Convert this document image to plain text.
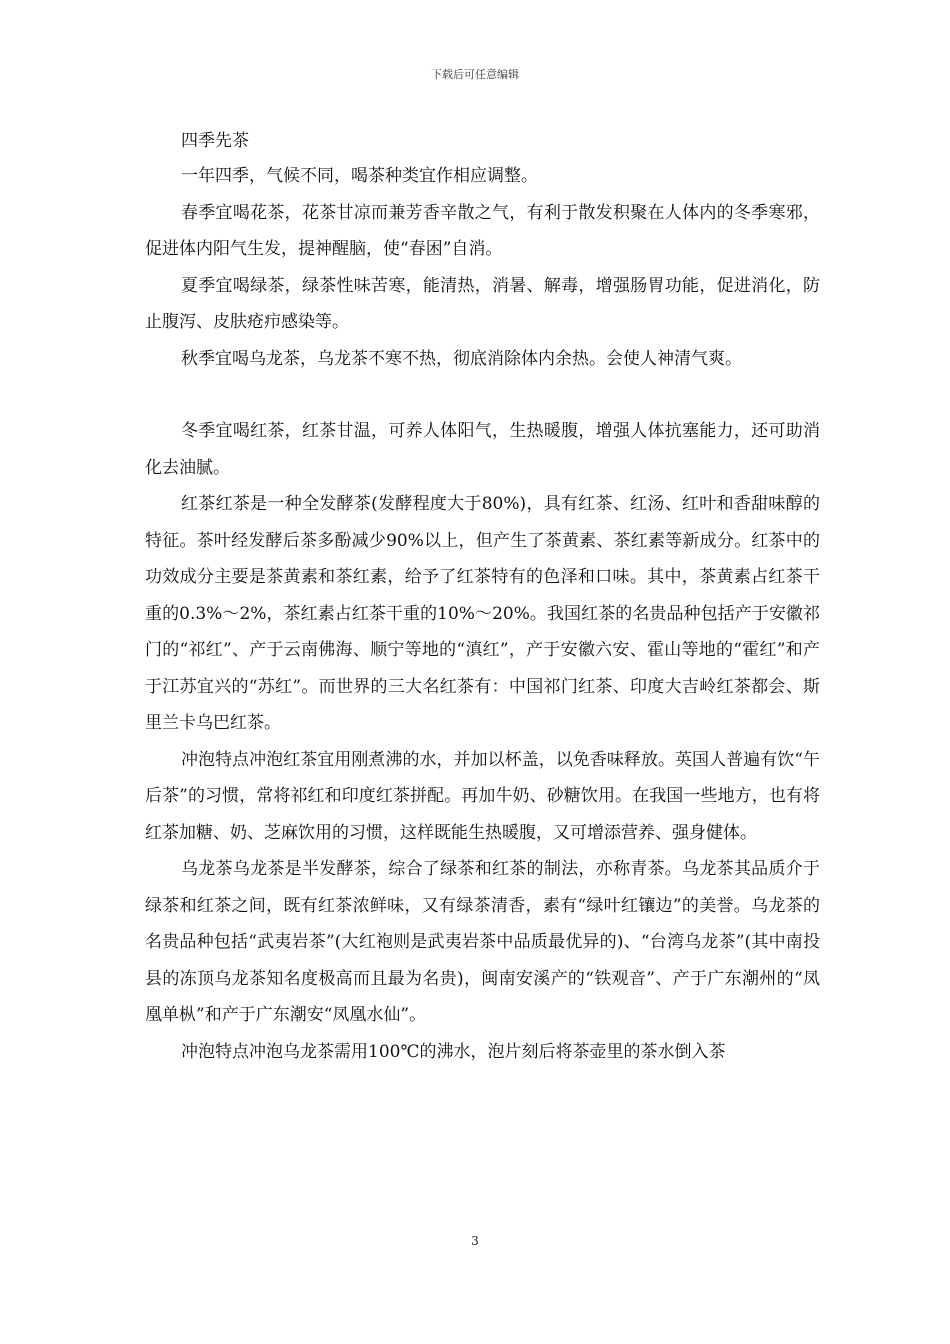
下载后可任意编辑

四季先茶

一年四季，气候不同，喝茶种类宜作相应调整。

春季宜喝花茶，花茶甘凉而兼芳香辛散之气，有利于散发积聚在人体内的冬季寒邪，促进体内阳气生发，提神醒脑，使“春困”自消。

夏季宜喝绿茶，绿茶性味苦寒，能清热，消暑、解毒，增强肠胃功能，促进消化，防止腹泻、皮肤疮疖感染等。

秋季宜喝乌龙茶，乌龙茶不寒不热，彻底消除体内余热。会使人神清气爽。

冬季宜喝红茶，红茶甘温，可养人体阳气，生热暖腹，增强人体抗塞能力，还可助消化去油腻。

红茶红茶是一种全发酵茶(发酵程度大于80%)，具有红茶、红汤、红叶和香甜味醇的特征。茶叶经发酵后茶多酚减少90%以上，但产生了茶黄素、茶红素等新成分。红茶中的功效成分主要是茶黄素和茶红素，给予了红茶特有的色泽和口味。其中，茶黄素占红茶干重的0.3%～2%，茶红素占红茶干重的10%～20%。我国红茶的名贵品种包括产于安徽祁门的“祁红”、产于云南佛海、顺宁等地的“滇红”，产于安徽六安、霍山等地的“霍红”和产于江苏宜兴的“苏红”。而世界的三大名红茶有：中国祁门红茶、印度大吉岭红茶都会、斯里兰卡乌巴红茶。

冲泡特点冲泡红茶宜用刚煮沸的水，并加以杯盖，以免香味释放。英国人普遍有饮“午后茶”的习惯，常将祁红和印度红茶拼配。再加牛奶、砂糖饮用。在我国一些地方，也有将红茶加糖、奶、芝麻饮用的习惯，这样既能生热暖腹，又可增添营养、强身健体。

乌龙茶乌龙茶是半发酵茶，综合了绿茶和红茶的制法，亦称青茶。乌龙茶其品质介于绿茶和红茶之间，既有红茶浓鲜味，又有绿茶清香，素有“绿叶红镶边”的美誉。乌龙茶的名贵品种包括“武夷岩茶”(大红袍则是武夷岩茶中品质最优异的)、“台湾乌龙茶”(其中南投县的冻顶乌龙茶知名度极高而且最为名贵)，闽南安溪产的“铁观音”、产于广东潮州的“凤凰单枞”和产于广东潮安“凤凰水仙”。

冲泡特点冲泡乌龙茶需用100℃的沸水，泡片刻后将茶壶里的茶水倒入茶

3
